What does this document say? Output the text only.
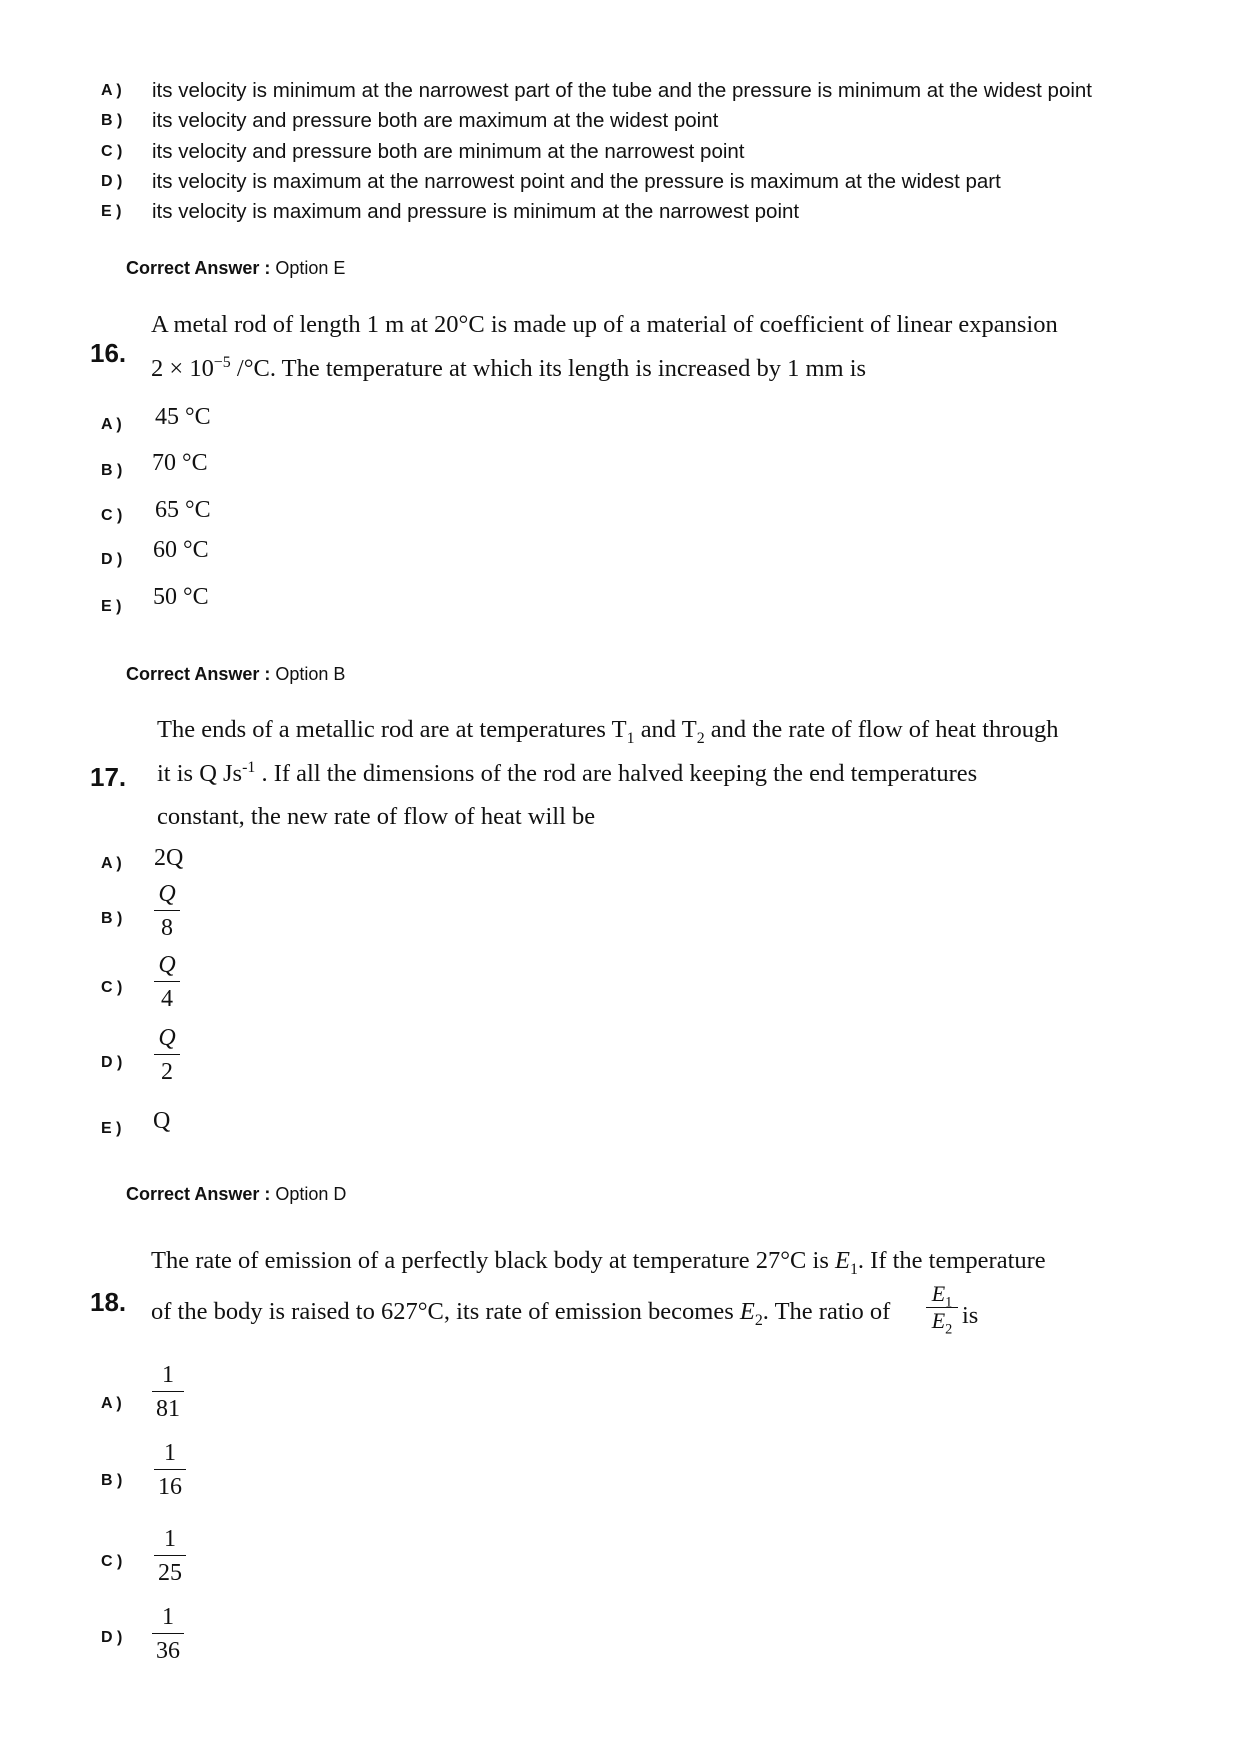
A ) its velocity is minimum at the narrowest part of the tube and the pressure is minimum at the widest point
B ) its velocity and pressure both are maximum at the widest point
C ) its velocity and pressure both are minimum at the narrowest point
D ) its velocity is maximum at the narrowest point and the pressure is maximum at the widest part
E ) its velocity is maximum and pressure is minimum at the narrowest point
Correct Answer : Option E
16.
A metal rod of length 1 m at 20°C is made up of a material of coefficient of linear expansion
$2 \times 10^{-5}$ /°C. The temperature at which its length is increased by 1 mm is
A ) 45 °C
B ) 70 °C
C ) 65 °C
D ) 60 °C
E ) 50 °C
Correct Answer : Option B
17.
The ends of a metallic rod are at temperatures $T_1$ and $T_2$ and the rate of flow of heat through
it is Q $Js^{-1}$ . If all the dimensions of the rod are halved keeping the end temperatures
constant, the new rate of flow of heat will be
A ) 2Q
B )
Q
8
C )
Q
4
D )
Q
2
E ) Q
Correct Answer : Option D
18.
The rate of emission of a perfectly black body at temperature 27°C is $E_1$. If the temperature
of the body is raised to 627°C, its rate of emission becomes $E_2$. The ratio of
$E_1$
$E_2$
is
A )
1
81
B )
1
16
C )
1
25
D )
1
36
